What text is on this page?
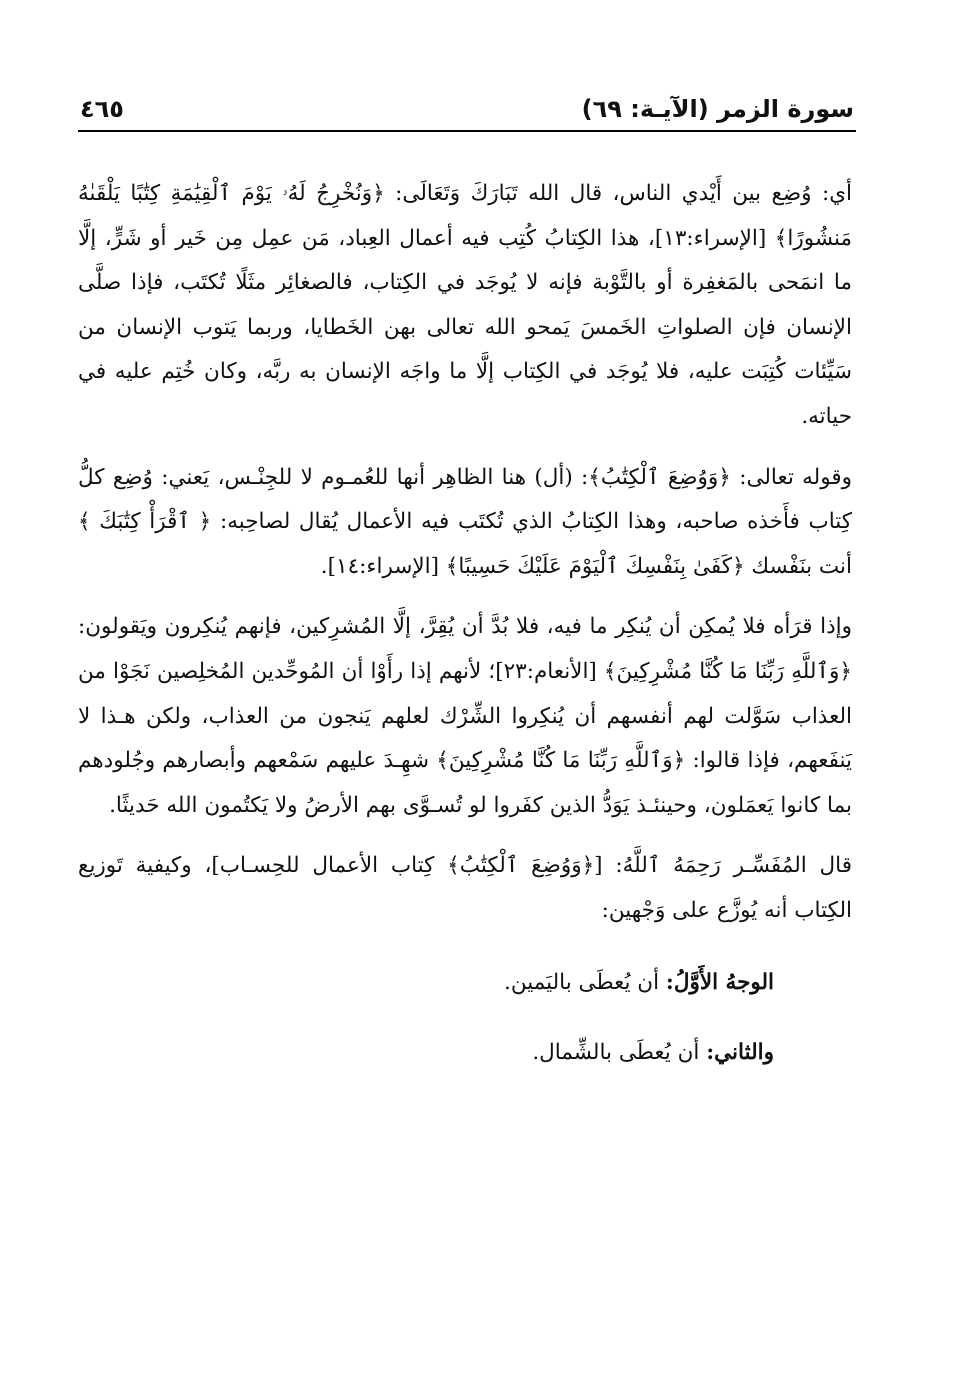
سورة الزمر (الآيـة: ٦٩)
٤٦٥

أي: وُضِع بين أَيْدي الناس، قال الله تَبَارَكَ وَتَعَالَى: ﴿وَنُخْرِجُ لَهُۥ يَوْمَ ٱلْقِيَٰمَةِ كِتَٰبًا يَلْقَىٰهُ مَنشُورًا﴾ [الإسراء:١٣]، هذا الكِتابُ كُتِب فيه أعمال العِباد، مَن عمِل مِن خَير أو شَرٍّ، إلَّا ما انمَحى بالمَغفِرة أو بالتَّوْبة فإنه لا يُوجَد في الكِتاب، فالصغائِر مثَلًا تُكتَب، فإذا صلَّى الإنسان فإن الصلواتِ الخَمسَ يَمحو الله تعالى بهن الخَطايا، وربما يَتوب الإنسان من سَيِّئات كُتِبَت عليه، فلا يُوجَد في الكِتاب إلَّا ما واجَه الإنسان به ربَّه، وكان خُتِم عليه في حياته.

وقوله تعالى: ﴿وَوُضِعَ ٱلْكِتَٰبُ﴾: (أل) هنا الظاهِر أنها للعُمـوم لا للجِنْـس، يَعني: وُضِع كلُّ كِتاب فأَخذه صاحبه، وهذا الكِتابُ الذي تُكتَب فيه الأعمال يُقال لصاحِبه: ﴿ ٱقْرَأْ كِتَٰبَكَ ﴾ أنت بنَفْسك ﴿كَفَىٰ بِنَفْسِكَ ٱلْيَوْمَ عَلَيْكَ حَسِيبًا﴾ [الإسراء:١٤].

وإذا قرَأه فلا يُمكِن أن يُنكِر ما فيه، فلا بُدَّ أن يُقِرَّ، إلَّا المُشرِكين، فإنهم يُنكِرون ويَقولون: ﴿وَٱللَّهِ رَبِّنَا مَا كُنَّا مُشْرِكِينَ﴾ [الأنعام:٢٣]؛ لأنهم إذا رأَوْا أن المُوحِّدين المُخلِصين نَجَوْا من العذاب سَوَّلت لهم أنفسهم أن يُنكِروا الشِّرْك لعلهم يَنجون من العذاب، ولكن هـذا لا يَنفَعهم، فإذا قالوا: ﴿وَٱللَّهِ رَبِّنَا مَا كُنَّا مُشْرِكِينَ﴾ شهِـدَ عليهم سَمْعهم وأبصارهم وجُلودهم بما كانوا يَعمَلون، وحينئـذ يَوَدُّ الذين كفَروا لو تُسـوَّى بهم الأرضُ ولا يَكتُمون الله حَديثًا.

قال المُفَسِّـر رَحِمَهُ ٱللَّهُ: [﴿وَوُضِعَ ٱلْكِتَٰبُ﴾ كِتاب الأعمال للحِسـاب]، وكيفية تَوزيع الكِتاب أنه يُوزَّع على وَجْهين:

الوجهُ الأَوَّلُ: أن يُعطَى باليَمين.

والثاني: أن يُعطَى بالشِّمال.
